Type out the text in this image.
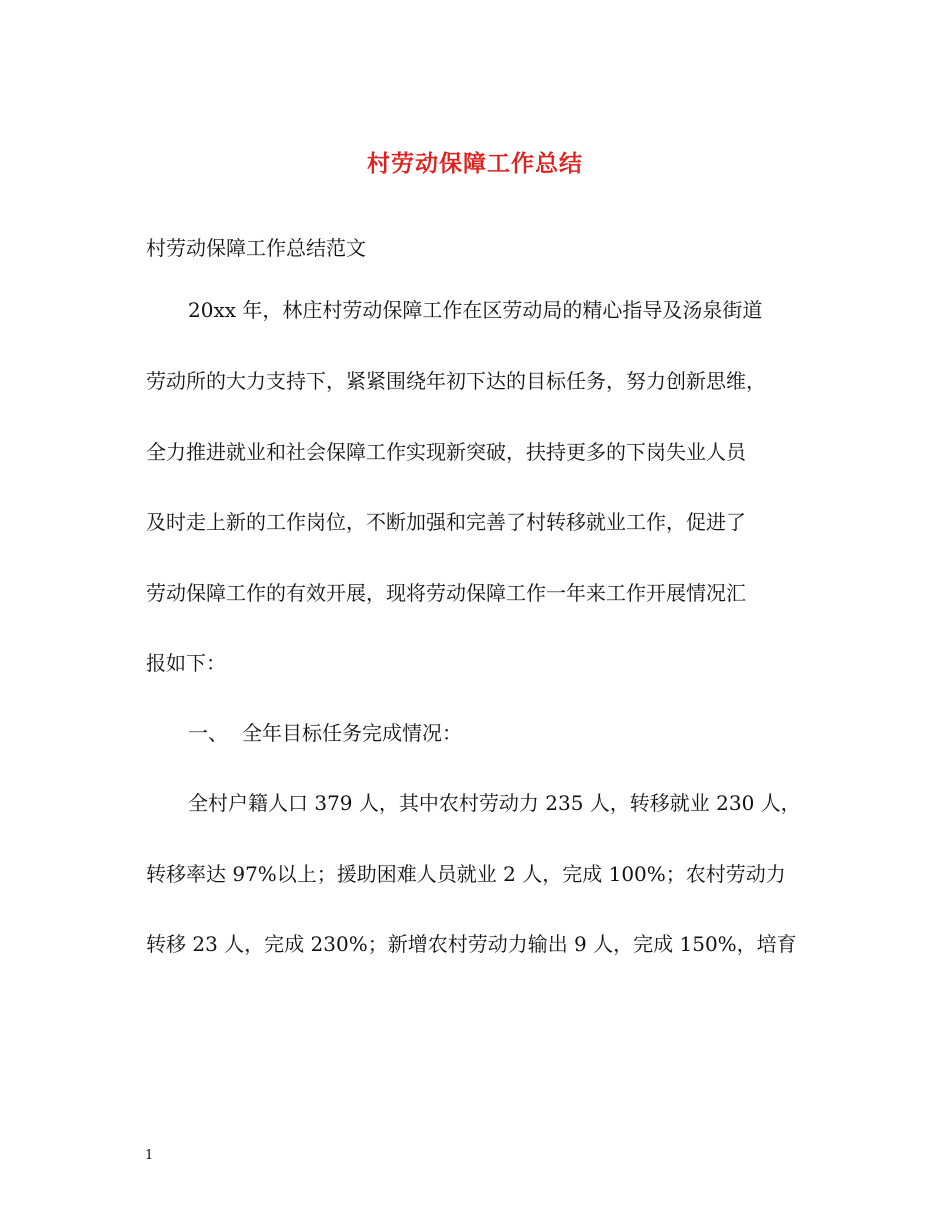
村劳动保障工作总结
村劳动保障工作总结范文
20xx 年，林庄村劳动保障工作在区劳动局的精心指导及汤泉街道
劳动所的大力支持下，紧紧围绕年初下达的目标任务，努力创新思维，
全力推进就业和社会保障工作实现新突破，扶持更多的下岗失业人员
及时走上新的工作岗位，不断加强和完善了村转移就业工作，促进了
劳动保障工作的有效开展，现将劳动保障工作一年来工作开展情况汇
报如下：
一、 全年目标任务完成情况：
全村户籍人口 379 人，其中农村劳动力 235 人，转移就业 230 人，
转移率达 97%以上；援助困难人员就业 2 人，完成 100%；农村劳动力
转移 23 人，完成 230%；新增农村劳动力输出 9 人，完成 150%，培育
1
